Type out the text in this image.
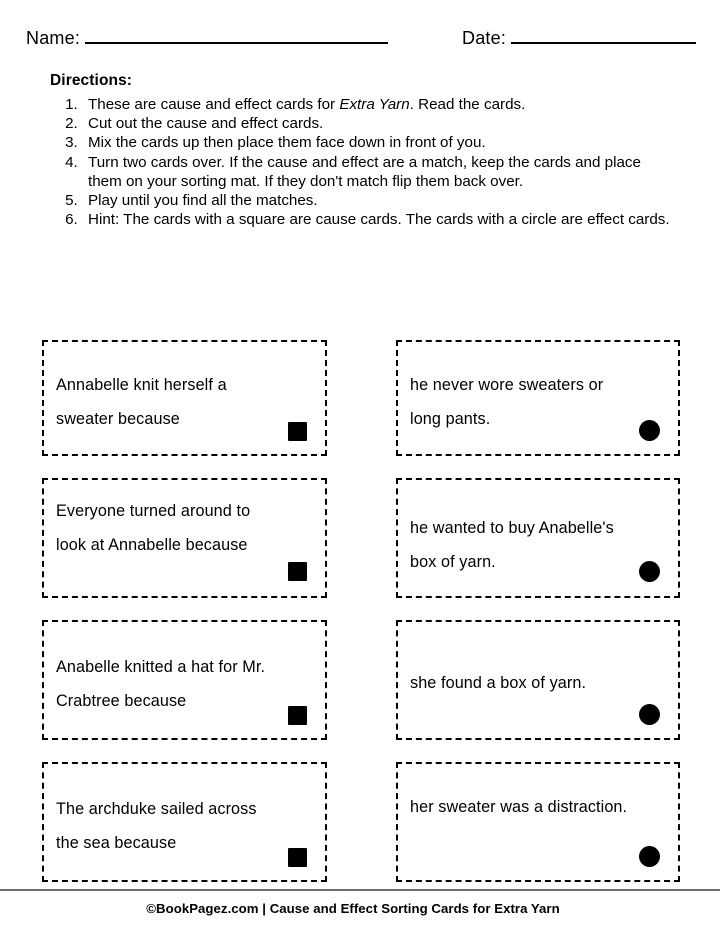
Name:	Date:

Directions:

1. These are cause and effect cards for Extra Yarn. Read the cards.
2. Cut out the cause and effect cards.
3. Mix the cards up then place them face down in front of you.
4. Turn two cards over. If the cause and effect are a match, keep the cards and place them on your sorting mat. If they don't match flip them back over.
5. Play until you find all the matches.
6. Hint: The cards with a square are cause cards. The cards with a circle are effect cards.
Annabelle knit herself a sweater because
he never wore sweaters or long pants.
Everyone turned around to look at Annabelle because
he wanted to buy Anabelle's box of yarn.
Anabelle knitted a hat for Mr. Crabtree because
she found a box of yarn.
The archduke sailed across the sea because
her sweater was a distraction.
©BookPagez.com | Cause and Effect Sorting Cards for Extra Yarn
